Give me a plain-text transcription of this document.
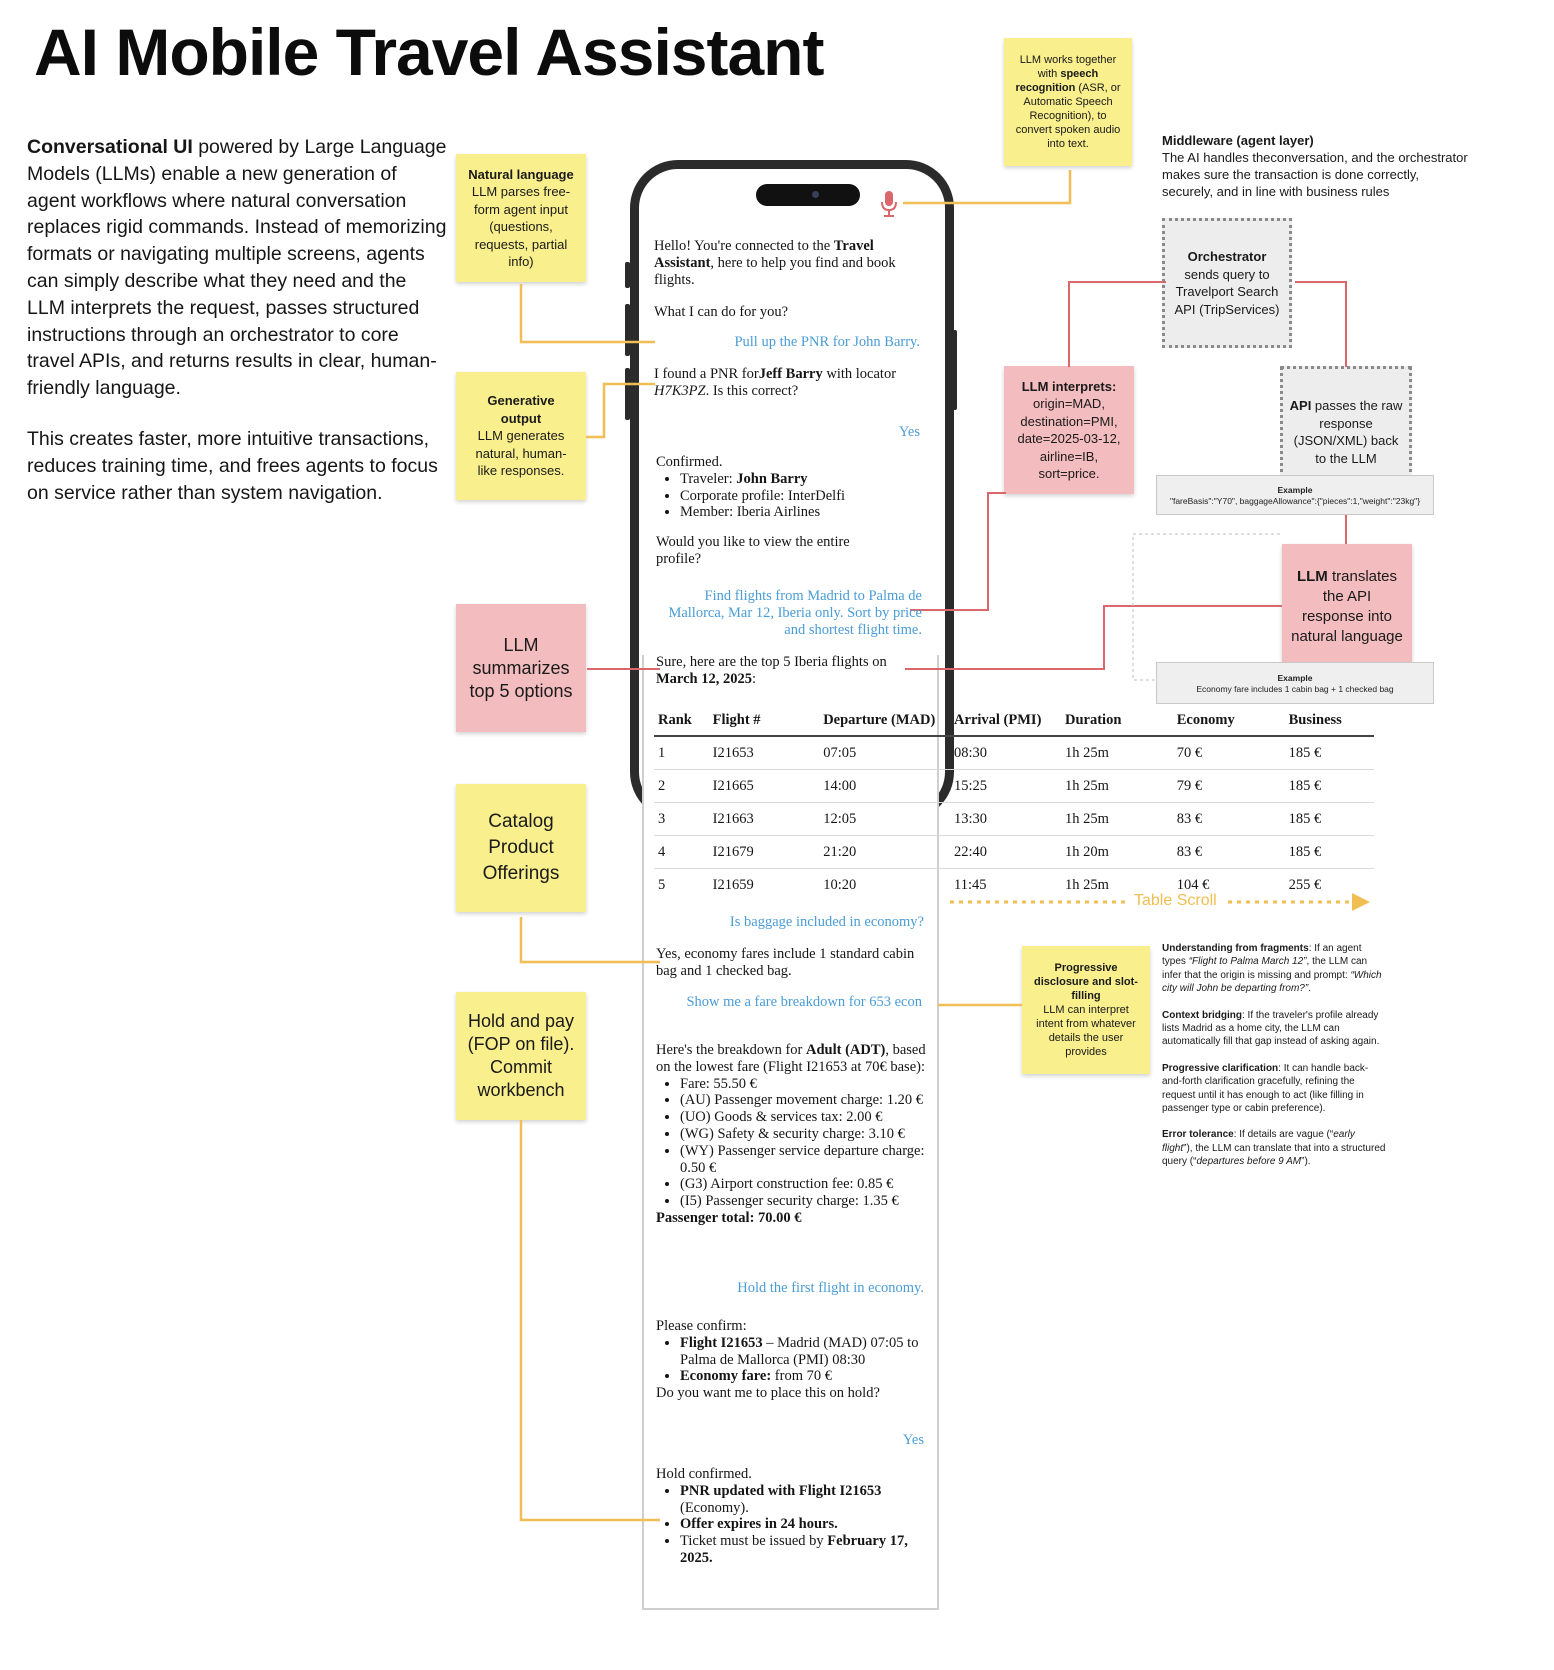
AI Mobile Travel Assistant

Conversational UI powered by Large Language Models (LLMs) enable a new generation of agent workflows where natural conversation replaces rigid commands. Instead of memorizing formats or navigating multiple screens, agents can simply describe what they need and the LLM interprets the request, passes structured instructions through an orchestrator to core travel APIs, and returns results in clear, human-friendly language.

This creates faster, more intuitive transactions, reduces training time, and frees agents to focus on service rather than system navigation.

Hello! You're connected to the Travel Assistant, here to help you find and book flights.
What I can do for you?
Pull up the PNR for John Barry.
I found a PNR forJeff Barry with locator H7K3PZ. Is this correct?
Yes
Confirmed.
• Traveler: John Barry
• Corporate profile: InterDelfi
• Member: Iberia Airlines
Would you like to view the entire profile?
Find flights from Madrid to Palma de Mallorca, Mar 12, Iberia only. Sort by price and shortest flight time.
Sure, here are the top 5 Iberia flights on March 12, 2025:
Rank	Flight #	Departure (MAD)	Arrival (PMI)	Duration	Economy	Business
1	I21653	07:05	08:30	1h 25m	70 €	185 €
2	I21665	14:00	15:25	1h 25m	79 €	185 €
3	I21663	12:05	13:30	1h 25m	83 €	185 €
4	I21679	21:20	22:40	1h 20m	83 €	185 €
5	I21659	10:20	11:45	1h 25m	104 €	255 €
Table Scroll
Is baggage included in economy?
Yes, economy fares include 1 standard cabin bag and 1 checked bag.
Show me a fare breakdown for 653 econ
Here's the breakdown for Adult (ADT), based on the lowest fare (Flight I21653 at 70€ base):
• Fare: 55.50 €
• (AU) Passenger movement charge: 1.20 €
• (UO) Goods & services tax: 2.00 €
• (WG) Safety & security charge: 3.10 €
• (WY) Passenger service departure charge: 0.50 €
• (G3) Airport construction fee: 0.85 €
• (I5) Passenger security charge: 1.35 €
Passenger total: 70.00 €
Hold the first flight in economy.
Please confirm:
• Flight I21653 – Madrid (MAD) 07:05 to Palma de Mallorca (PMI) 08:30
• Economy fare: from 70 €
Do you want me to place this on hold?
Yes
Hold confirmed.
• PNR updated with Flight I21653 (Economy).
• Offer expires in 24 hours.
• Ticket must be issued by February 17, 2025.
Natural language
LLM parses free-form agent input (questions, requests, partial info)
Generative output
LLM generates natural, human-like responses.
LLM summarizes top 5 options
Catalog Product Offerings
Hold and pay (FOP on file). Commit workbench
LLM works together with speech recognition (ASR, or Automatic Speech Recognition), to convert spoken audio into text.	Middleware (agent layer)
The AI handles theconversation, and the orchestrator makes sure the transaction is done correctly, securely, and in line with business rules
Orchestrator sends query to Travelport Search API (TripServices)
LLM interprets:
origin=MAD, destination=PMI, date=2025-03-12, airline=IB, sort=price.
API passes the raw response (JSON/XML) back to the LLM
Example
"fareBasis":"Y70", baggageAllowance":{"pieces":1,"weight":"23kg"}
LLM translates the API response into natural language
Example
Economy fare includes 1 cabin bag + 1 checked bag
Progressive disclosure and slot-filling
LLM can interpret intent from whatever details the user provides

Understanding from fragments: If an agent types “Flight to Palma March 12”, the LLM can infer that the origin is missing and prompt: “Which city will John be departing from?”.

Context bridging: If the traveler's profile already lists Madrid as a home city, the LLM can automatically fill that gap instead of asking again.

Progressive clarification: It can handle back-and-forth clarification gracefully, refining the request until it has enough to act (like filling in passenger type or cabin preference).

Error tolerance: If details are vague (“early flight”), the LLM can translate that into a structured query (“departures before 9 AM”).
